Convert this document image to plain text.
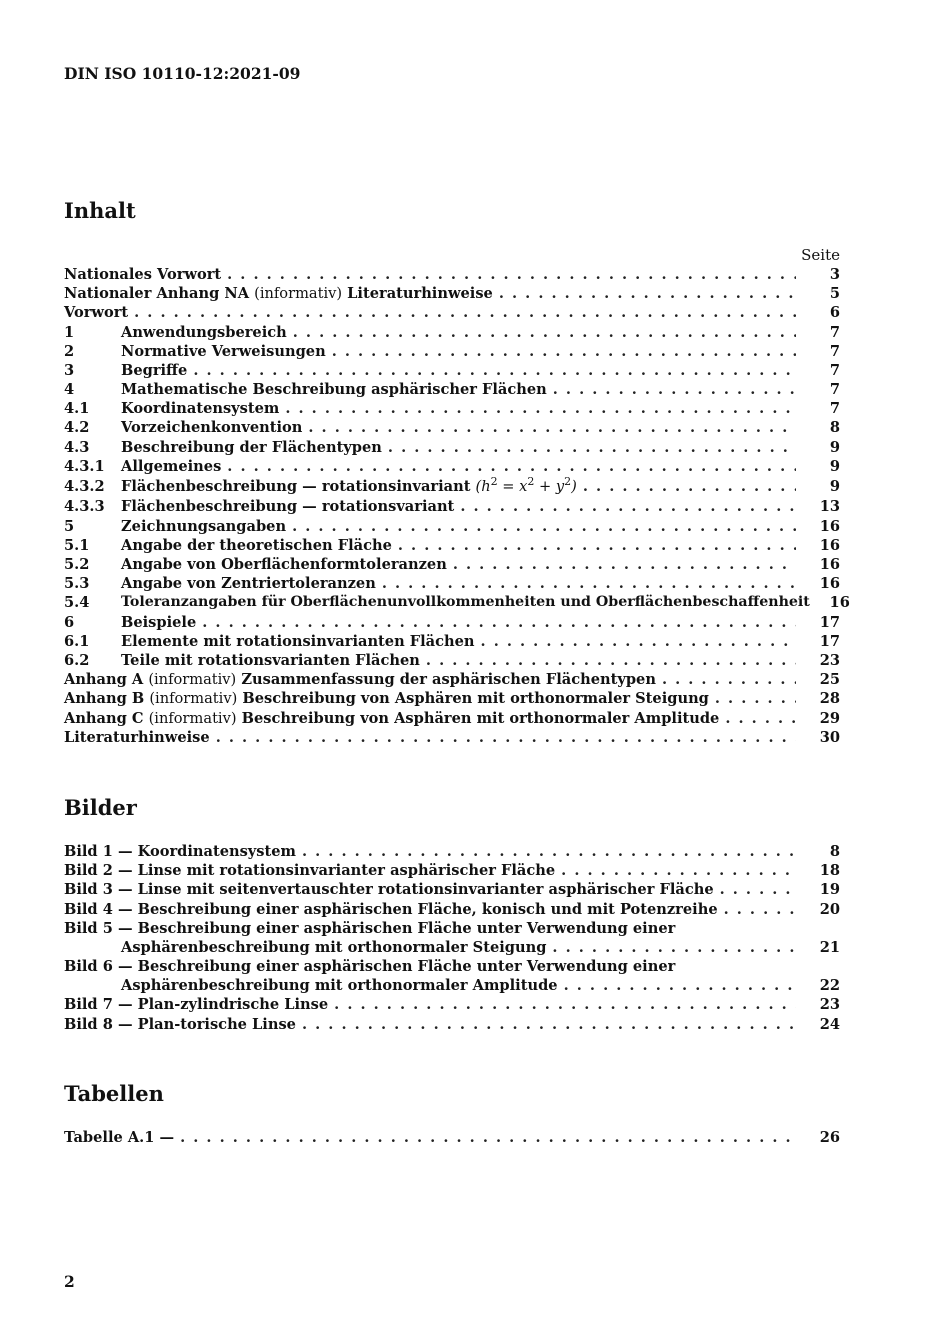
DIN ISO 10110-12:2021-09
Inhalt
Seite
Nationales Vorwort . . .	3
Nationaler Anhang NA (informativ) Literaturhinweise . . .	5
Vorwort . . .	6
1	Anwendungsbereich . . .	7
2	Normative Verweisungen . . .	7
3	Begriffe . . .	7
4	Mathematische Beschreibung asphärischer Flächen . . .	7
4.1	Koordinatensystem . . .	7
4.2	Vorzeichenkonvention . . .	8
4.3	Beschreibung der Flächentypen . . .	9
4.3.1	Allgemeines . . .	9
4.3.2	Flächenbeschreibung — rotationsinvariant $(h^2 = x^2 + y^2)$ . . .	9
4.3.3	Flächenbeschreibung — rotationsvariant . . .	13
5	Zeichnungsangaben . . .	16
5.1	Angabe der theoretischen Fläche . . .	16
5.2	Angabe von Oberflächenformtoleranzen . . .	16
5.3	Angabe von Zentriertoleranzen . . .	16
5.4	Toleranzangaben für Oberflächenunvollkommenheiten und Oberflächenbeschaffenheit	16
6	Beispiele . . .	17
6.1	Elemente mit rotationsinvarianten Flächen . . .	17
6.2	Teile mit rotationsvarianten Flächen . . .	23
Anhang A (informativ) Zusammenfassung der asphärischen Flächentypen . . .	25
Anhang B (informativ) Beschreibung von Asphären mit orthonormaler Steigung . . .	28
Anhang C (informativ) Beschreibung von Asphären mit orthonormaler Amplitude . . .	29
Literaturhinweise . . .	30
Bilder
Bild 1 — Koordinatensystem . . .	8
Bild 2 — Linse mit rotationsinvarianter asphärischer Fläche . . .	18
Bild 3 — Linse mit seitenvertauschter rotationsinvarianter asphärischer Fläche . . .	19
Bild 4 — Beschreibung einer asphärischen Fläche, konisch und mit Potenzreihe . . .	20
Bild 5 — Beschreibung einer asphärischen Fläche unter Verwendung einer
Asphärenbeschreibung mit orthonormaler Steigung . . .	21
Bild 6 — Beschreibung einer asphärischen Fläche unter Verwendung einer
Asphärenbeschreibung mit orthonormaler Amplitude . . .	22
Bild 7 — Plan-zylindrische Linse . . .	23
Bild 8 — Plan-torische Linse . . .	24
Tabellen
Tabelle A.1 — . . .	26
2
